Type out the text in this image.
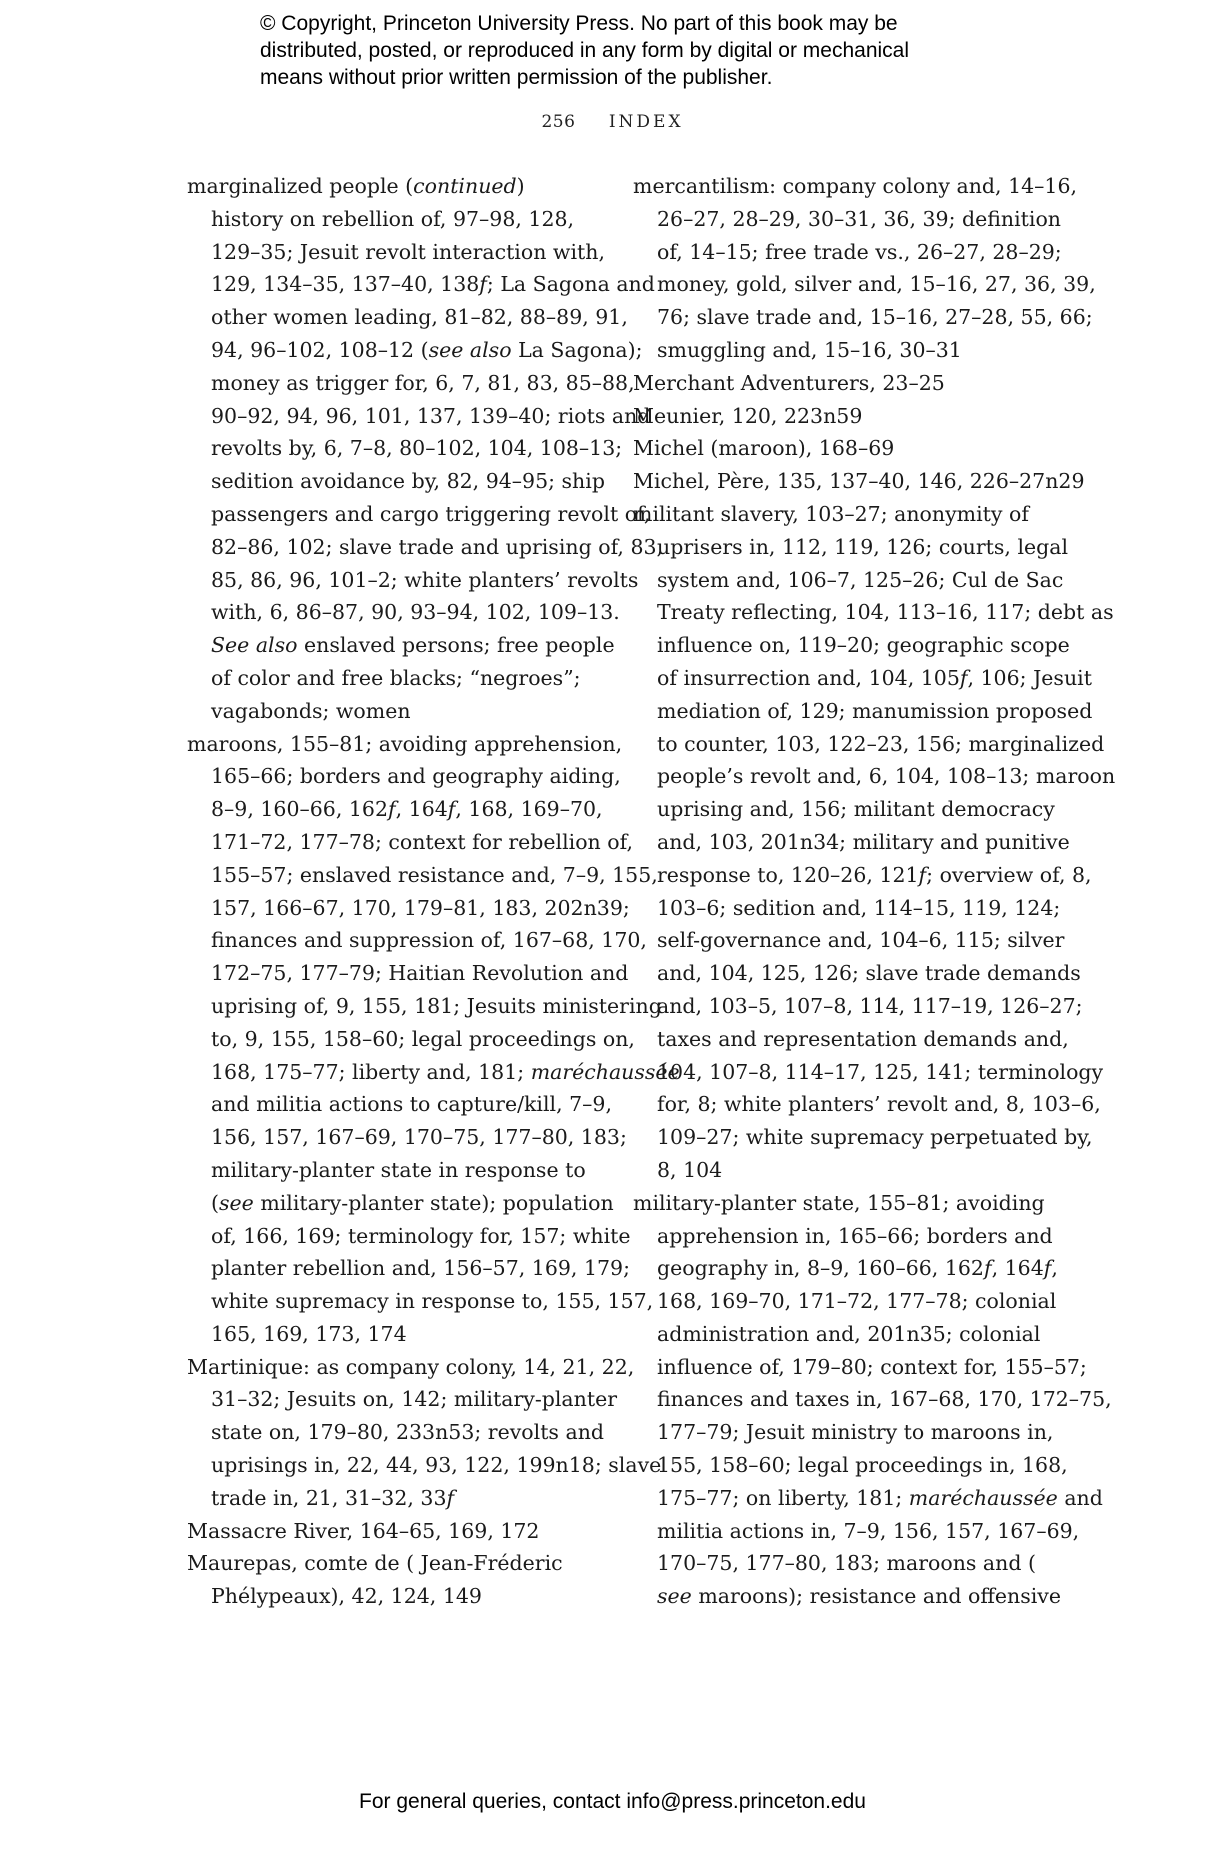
© Copyright, Princeton University Press. No part of this book may be
distributed, posted, or reproduced in any form by digital or mechanical
means without prior written permission of the publisher.
256 INDEX
marginalized people (continued)
history on rebellion of, 97–98, 128,
129–35; Jesuit revolt interaction with,
129, 134–35, 137–40, 138f; La Sagona and
other women leading, 81–82, 88–89, 91,
94, 96–102, 108–12 (see also La Sagona);
money as trigger for, 6, 7, 81, 83, 85–88,
90–92, 94, 96, 101, 137, 139–40; riots and
revolts by, 6, 7–8, 80–102, 104, 108–13;
sedition avoidance by, 82, 94–95; ship
passengers and cargo triggering revolt of,
82–86, 102; slave trade and uprising of, 83,
85, 86, 96, 101–2; white planters’ revolts
with, 6, 86–87, 90, 93–94, 102, 109–13.
See also enslaved persons; free people
of color and free blacks; “negroes”;
vagabonds; women
maroons, 155–81; avoiding apprehension,
165–66; borders and geography aiding,
8–9, 160–66, 162f, 164f, 168, 169–70,
171–72, 177–78; context for rebellion of,
155–57; enslaved resistance and, 7–9, 155,
157, 166–67, 170, 179–81, 183, 202n39;
finances and suppression of, 167–68, 170,
172–75, 177–79; Haitian Revolution and
uprising of, 9, 155, 181; Jesuits ministering
to, 9, 155, 158–60; legal proceedings on,
168, 175–77; liberty and, 181; maréchaussée
and militia actions to capture/kill, 7–9,
156, 157, 167–69, 170–75, 177–80, 183;
military-planter state in response to
(see military-planter state); population
of, 166, 169; terminology for, 157; white
planter rebellion and, 156–57, 169, 179;
white supremacy in response to, 155, 157,
165, 169, 173, 174
Martinique: as company colony, 14, 21, 22,
31–32; Jesuits on, 142; military-planter
state on, 179–80, 233n53; revolts and
uprisings in, 22, 44, 93, 122, 199n18; slave
trade in, 21, 31–32, 33f
Massacre River, 164–65, 169, 172
Maurepas, comte de ( Jean-Fréderic
Phélypeaux), 42, 124, 149
mercantilism: company colony and, 14–16,
26–27, 28–29, 30–31, 36, 39; definition
of, 14–15; free trade vs., 26–27, 28–29;
money, gold, silver and, 15–16, 27, 36, 39,
76; slave trade and, 15–16, 27–28, 55, 66;
smuggling and, 15–16, 30–31
Merchant Adventurers, 23–25
Meunier, 120, 223n59
Michel (maroon), 168–69
Michel, Père, 135, 137–40, 146, 226–27n29
militant slavery, 103–27; anonymity of
uprisers in, 112, 119, 126; courts, legal
system and, 106–7, 125–26; Cul de Sac
Treaty reflecting, 104, 113–16, 117; debt as
influence on, 119–20; geographic scope
of insurrection and, 104, 105f, 106; Jesuit
mediation of, 129; manumission proposed
to counter, 103, 122–23, 156; marginalized
people’s revolt and, 6, 104, 108–13; maroon
uprising and, 156; militant democracy
and, 103, 201n34; military and punitive
response to, 120–26, 121f; overview of, 8,
103–6; sedition and, 114–15, 119, 124;
self-governance and, 104–6, 115; silver
and, 104, 125, 126; slave trade demands
and, 103–5, 107–8, 114, 117–19, 126–27;
taxes and representation demands and,
104, 107–8, 114–17, 125, 141; terminology
for, 8; white planters’ revolt and, 8, 103–6,
109–27; white supremacy perpetuated by,
8, 104
military-planter state, 155–81; avoiding
apprehension in, 165–66; borders and
geography in, 8–9, 160–66, 162f, 164f,
168, 169–70, 171–72, 177–78; colonial
administration and, 201n35; colonial
influence of, 179–80; context for, 155–57;
finances and taxes in, 167–68, 170, 172–75,
177–79; Jesuit ministry to maroons in,
155, 158–60; legal proceedings in, 168,
175–77; on liberty, 181; maréchaussée and
militia actions in, 7–9, 156, 157, 167–69,
170–75, 177–80, 183; maroons and (
see maroons); resistance and offensive
For general queries, contact info@press.princeton.edu
